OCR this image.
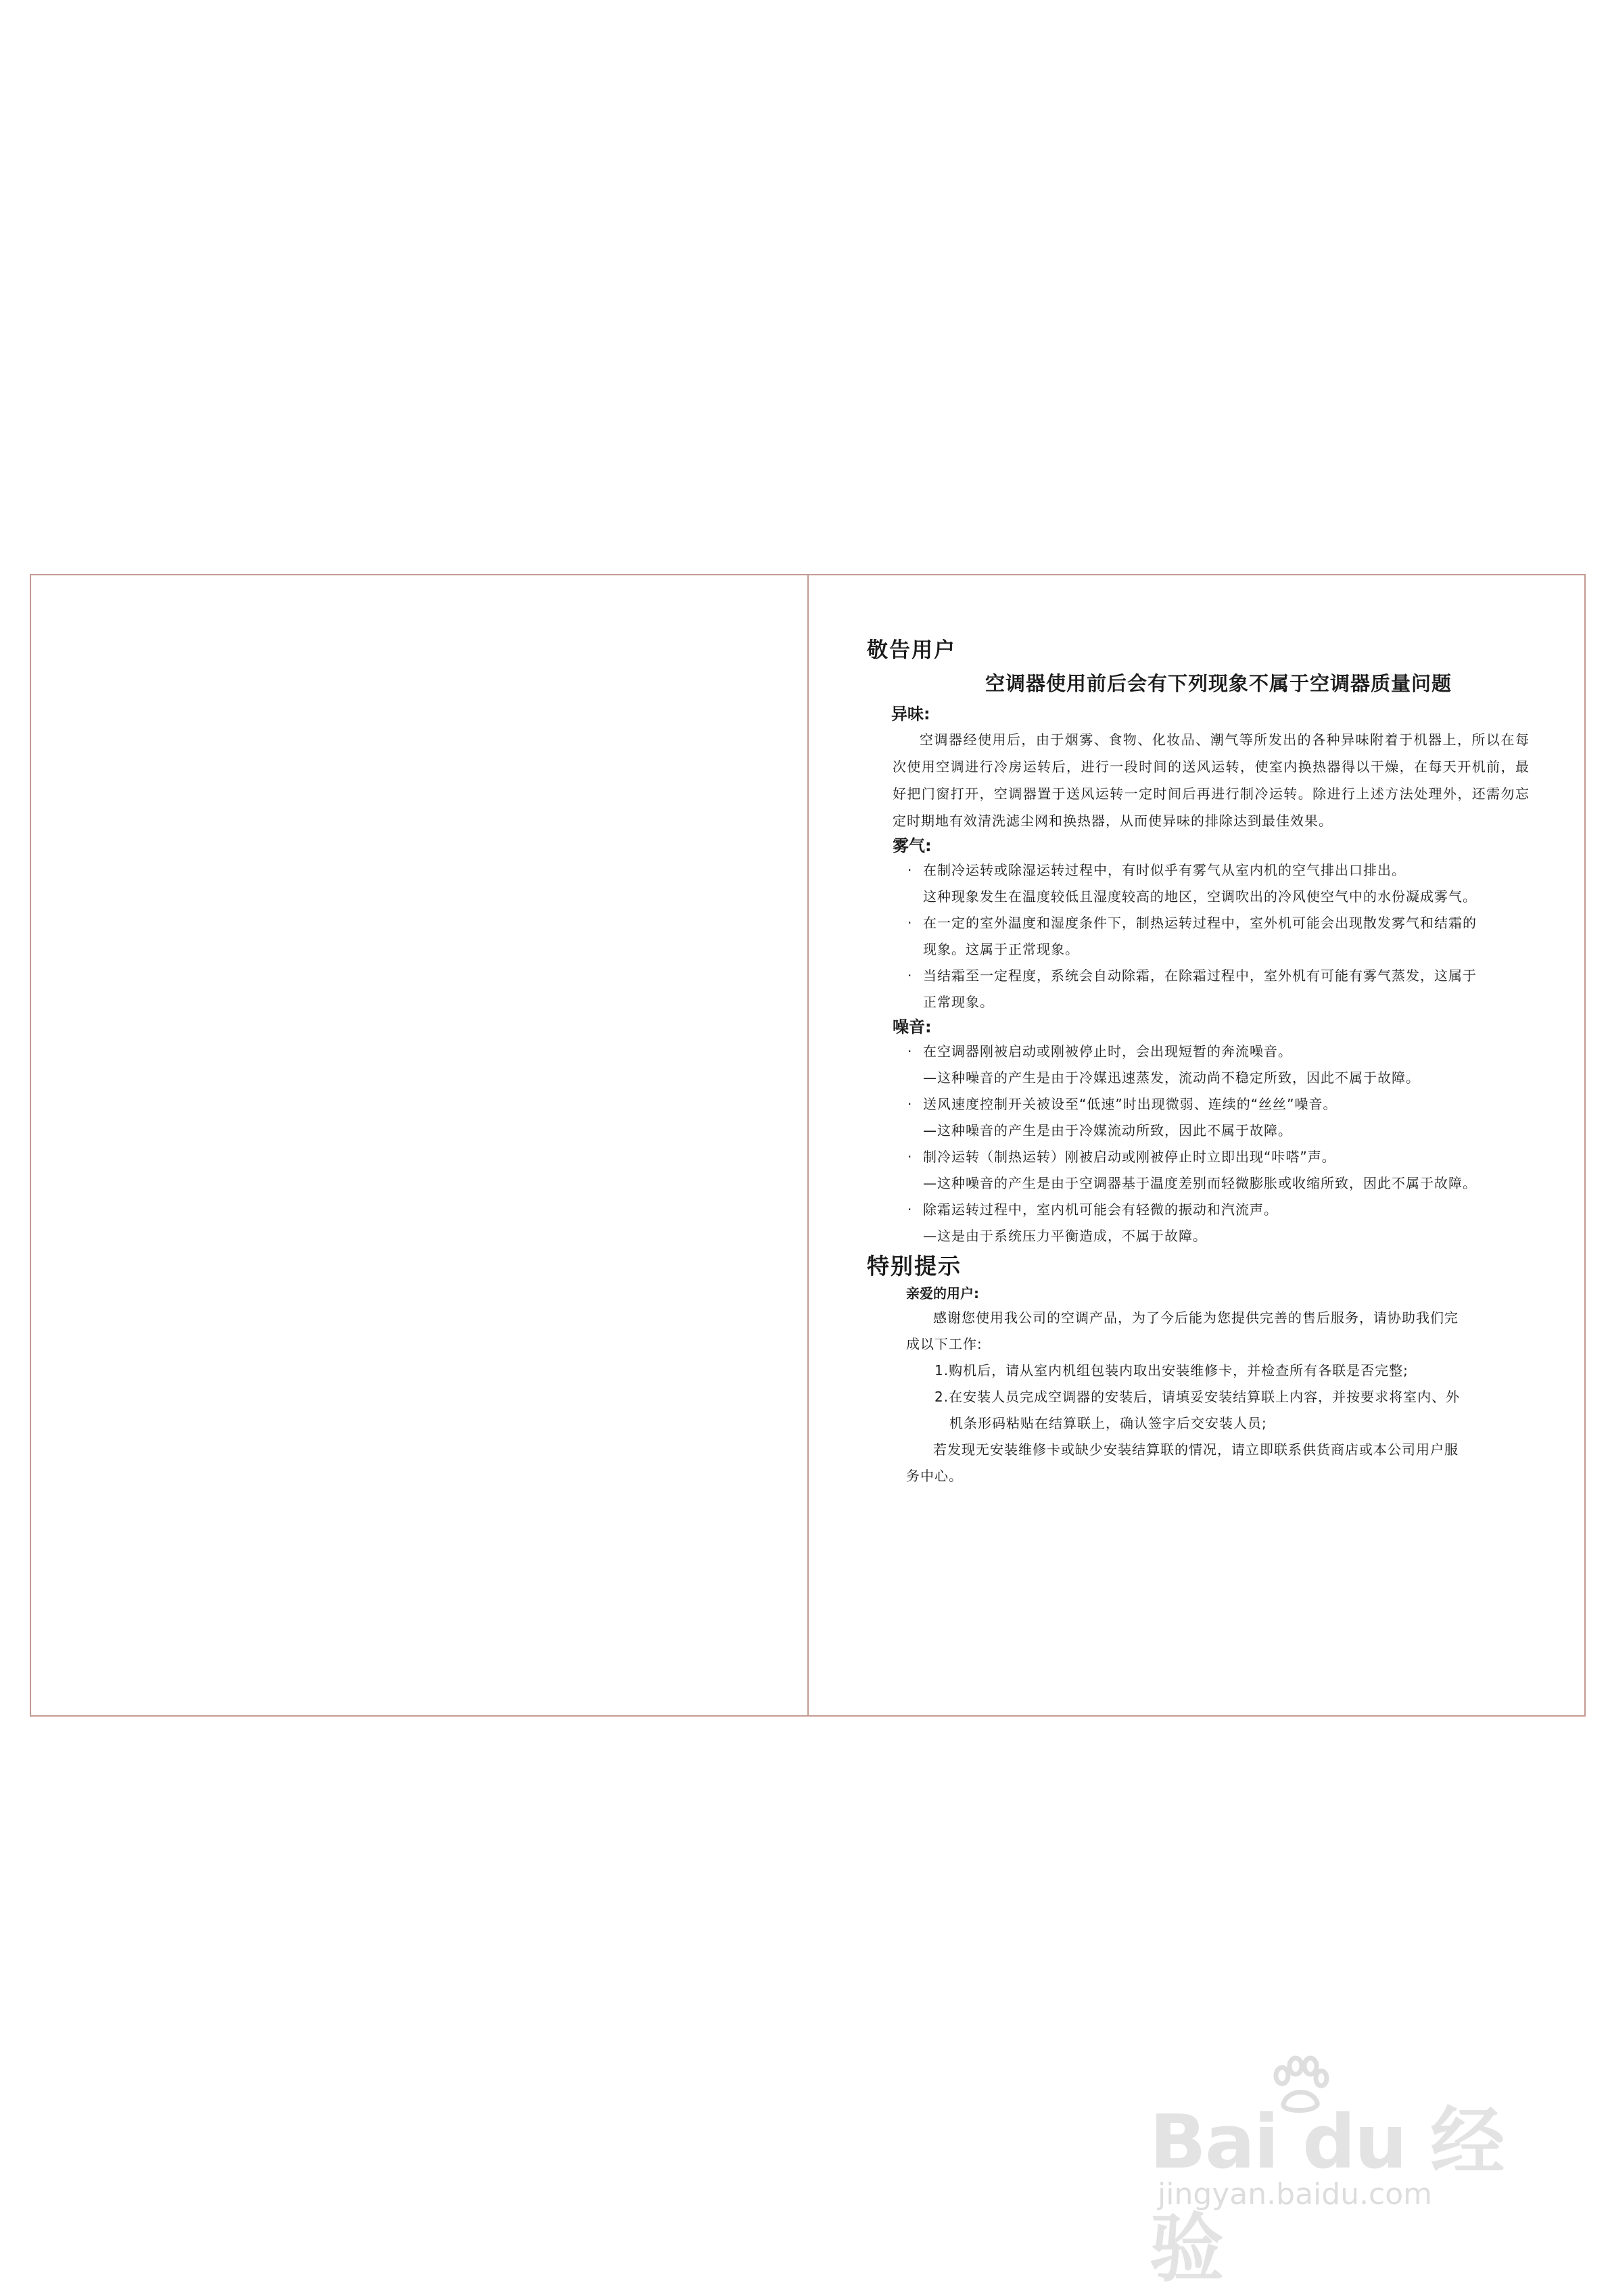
敬告用户
空调器使用前后会有下列现象不属于空调器质量问题
异味:
空调器经使用后，由于烟雾、食物、化妆品、潮气等所发出的各种异味附着于机器上，所以在每次使用空调进行冷房运转后，进行一段时间的送风运转，使室内换热器得以干燥，在每天开机前，最好把门窗打开，空调器置于送风运转一定时间后再进行制冷运转。除进行上述方法处理外，还需勿忘定时期地有效清洗滤尘网和换热器，从而使异味的排除达到最佳效果。
雾气:
· 在制冷运转或除湿运转过程中，有时似乎有雾气从室内机的空气排出口排出。
这种现象发生在温度较低且湿度较高的地区，空调吹出的冷风使空气中的水份凝成雾气。
· 在一定的室外温度和湿度条件下，制热运转过程中，室外机可能会出现散发雾气和结霜的
现象。这属于正常现象。
· 当结霜至一定程度，系统会自动除霜，在除霜过程中，室外机有可能有雾气蒸发，这属于
正常现象。
噪音:
· 在空调器刚被启动或刚被停止时，会出现短暂的奔流噪音。
—这种噪音的产生是由于冷媒迅速蒸发，流动尚不稳定所致，因此不属于故障。
· 送风速度控制开关被设至“低速”时出现微弱、连续的“丝丝”噪音。
—这种噪音的产生是由于冷媒流动所致，因此不属于故障。
· 制冷运转（制热运转）刚被启动或刚被停止时立即出现“咔嗒”声。
—这种噪音的产生是由于空调器基于温度差别而轻微膨胀或收缩所致，因此不属于故障。
· 除霜运转过程中，室内机可能会有轻微的振动和汽流声。
—这是由于系统压力平衡造成，不属于故障。
特别提示
亲爱的用户:
感谢您使用我公司的空调产品，为了今后能为您提供完善的售后服务，请协助我们完
成以下工作:
1.购机后，请从室内机组包装内取出安装维修卡，并检查所有各联是否完整;
2.在安装人员完成空调器的安装后，请填妥安装结算联上内容，并按要求将室内、外
机条形码粘贴在结算联上，确认签字后交安装人员;
若发现无安装维修卡或缺少安装结算联的情况，请立即联系供货商店或本公司用户服
务中心。
Bai du 经验
jingyan.baidu.com
